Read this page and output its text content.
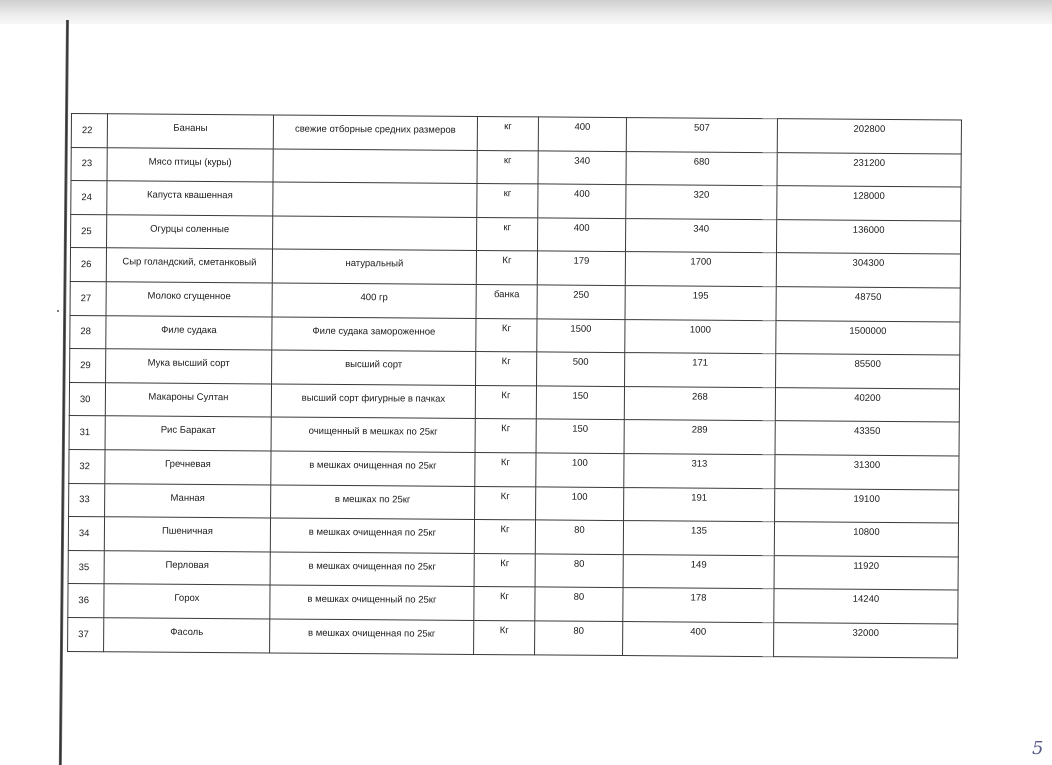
22	Бананы	свежие отборные средних размеров	кг	400	507	202800
23	Мясо птицы (куры)		кг	340	680	231200
24	Капуста квашенная		кг	400	320	128000
25	Огурцы соленные		кг	400	340	136000
26	Сыр голандский, сметанковый	натуральный	Кг	179	1700	304300
27	Молоко сгущенное	400 гр	банка	250	195	48750
28	Филе судака	Филе судака замороженное	Кг	1500	1000	1500000
29	Мука высший сорт	высший сорт	Кг	500	171	85500
30	Макароны Султан	высший сорт фигурные в пачках	Кг	150	268	40200
31	Рис Баракат	очищенный в мешках по 25кг	Кг	150	289	43350
32	Гречневая	в мешках очищенная по 25кг	Кг	100	313	31300
33	Манная	в мешках по 25кг	Кг	100	191	19100
34	Пшеничная	в мешках очищенная по 25кг	Кг	80	135	10800
35	Перловая	в мешках очищенная по 25кг	Кг	80	149	11920
36	Горох	в мешках очищенный по 25кг	Кг	80	178	14240
37	Фасоль	в мешках очищенная по 25кг	Кг	80	400	32000
5
